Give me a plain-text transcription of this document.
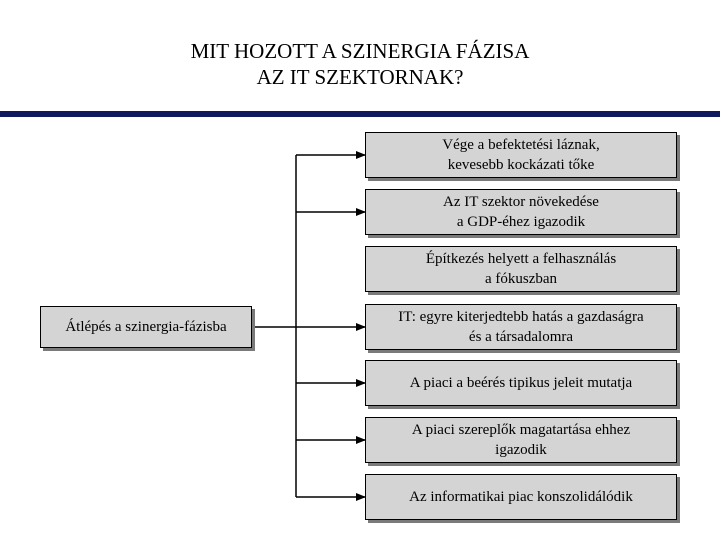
MIT HOZOTT A SZINERGIA FÁZISA
AZ IT SZEKTORNAK?
Átlépés a szinergia-fázisba
Vége a befektetési láznak,
kevesebb kockázati tőke
Az IT szektor növekedése
a GDP-éhez igazodik
Építkezés helyett a felhasználás
a fókuszban
IT: egyre kiterjedtebb hatás a gazdaságra
és a társadalomra
A piaci a beérés tipikus jeleit mutatja
A piaci szereplők magatartása ehhez
igazodik
Az informatikai piac konszolidálódik
